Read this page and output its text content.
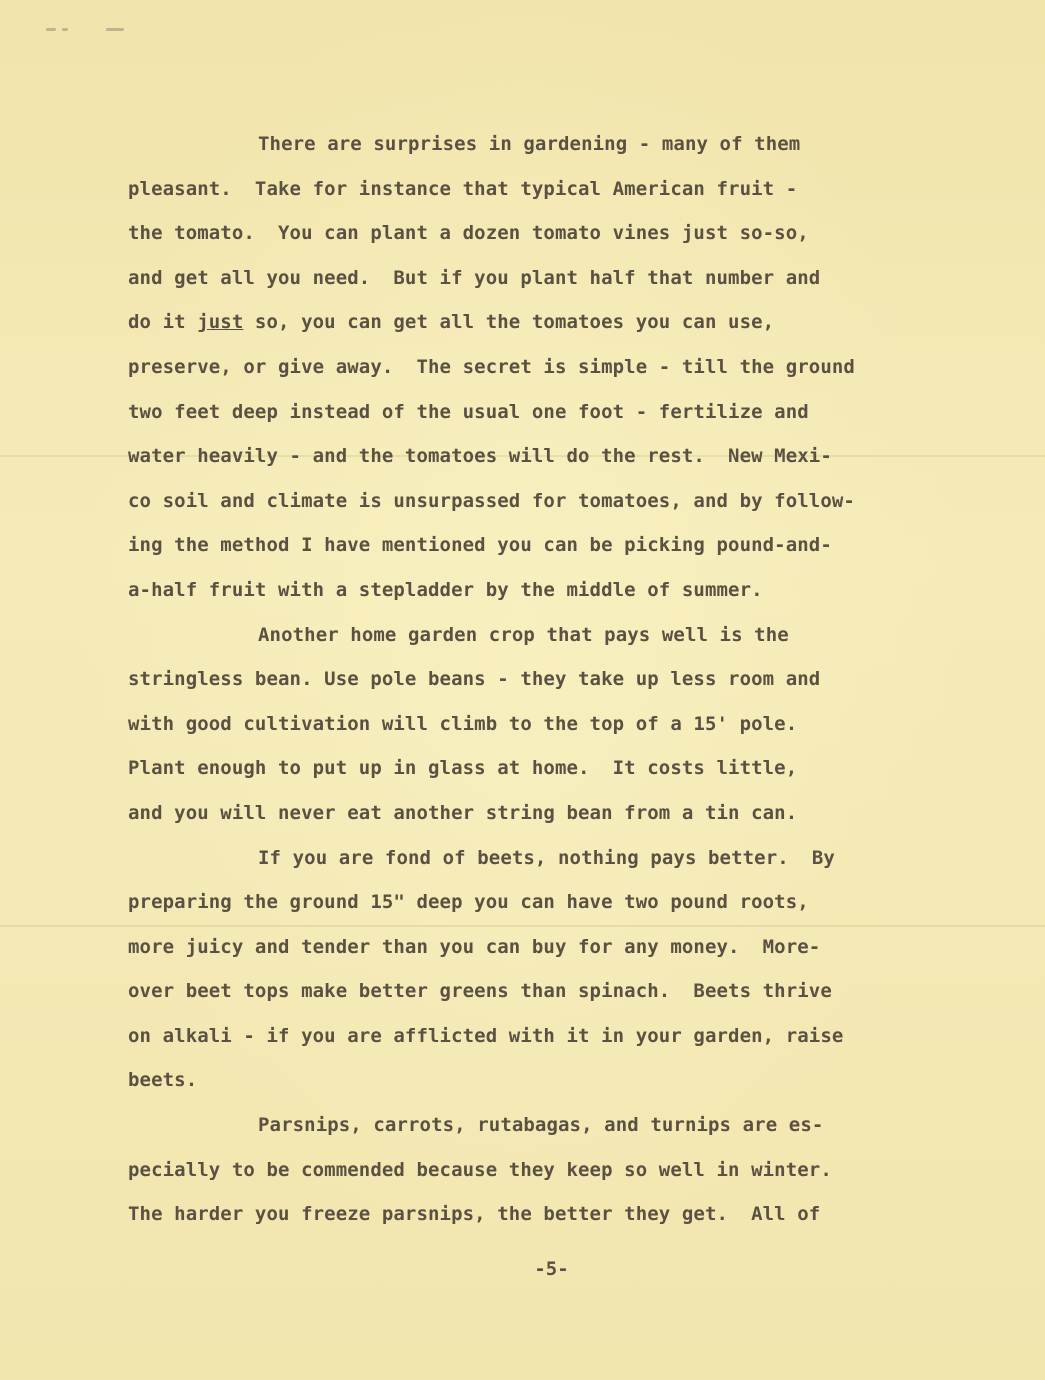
There are surprises in gardening - many of them
pleasant.  Take for instance that typical American fruit -
the tomato.  You can plant a dozen tomato vines just so-so,
and get all you need.  But if you plant half that number and
do it just so, you can get all the tomatoes you can use,
preserve, or give away.  The secret is simple - till the ground
two feet deep instead of the usual one foot - fertilize and
water heavily - and the tomatoes will do the rest.  New Mexi-
co soil and climate is unsurpassed for tomatoes, and by follow-
ing the method I have mentioned you can be picking pound-and-
a-half fruit with a stepladder by the middle of summer.
Another home garden crop that pays well is the
stringless bean. Use pole beans - they take up less room and
with good cultivation will climb to the top of a 15' pole.
Plant enough to put up in glass at home.  It costs little,
and you will never eat another string bean from a tin can.
If you are fond of beets, nothing pays better.  By
preparing the ground 15" deep you can have two pound roots,
more juicy and tender than you can buy for any money.  More-
over beet tops make better greens than spinach.  Beets thrive
on alkali - if you are afflicted with it in your garden, raise
beets.
Parsnips, carrots, rutabagas, and turnips are es-
pecially to be commended because they keep so well in winter.
The harder you freeze parsnips, the better they get.  All of
-5-
